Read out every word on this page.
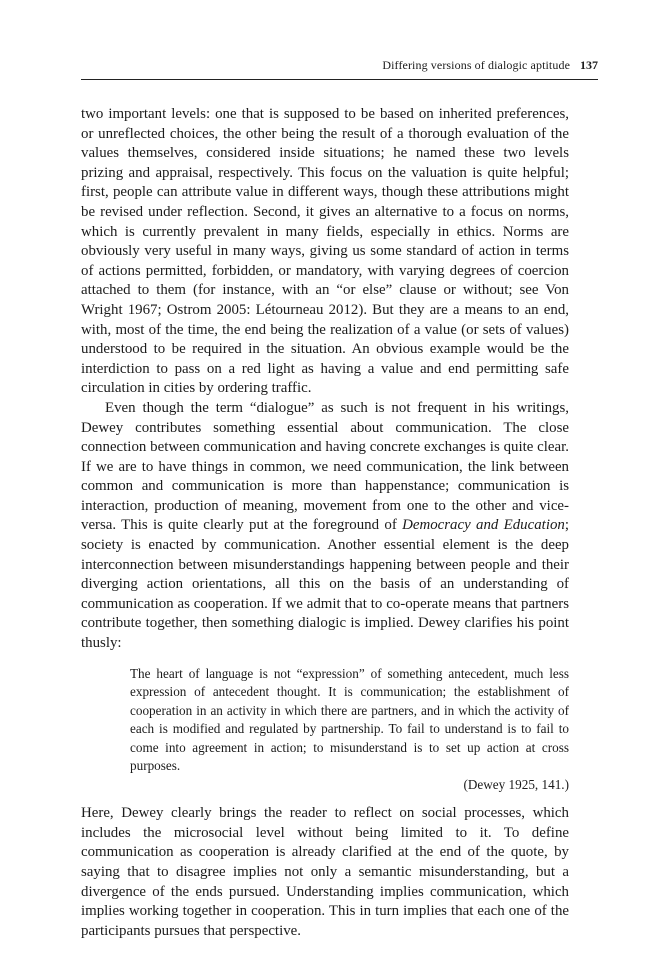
Differing versions of dialogic aptitude 137

two important levels: one that is supposed to be based on inherited preferences, or unreflected choices, the other being the result of a thorough evaluation of the values themselves, considered inside situations; he named these two levels prizing and appraisal, respectively. This focus on the valuation is quite helpful; first, people can attribute value in different ways, though these attributions might be revised under reflection. Second, it gives an alternative to a focus on norms, which is currently prevalent in many fields, especially in ethics. Norms are obviously very useful in many ways, giving us some standard of action in terms of actions permitted, forbidden, or mandatory, with varying degrees of coercion attached to them (for instance, with an “or else” clause or without; see Von Wright 1967; Ostrom 2005: Létourneau 2012). But they are a means to an end, with, most of the time, the end being the realization of a value (or sets of values) understood to be required in the situation. An obvious example would be the interdiction to pass on a red light as having a value and end permitting safe circulation in cities by ordering traffic.

Even though the term “dialogue” as such is not frequent in his writings, Dewey contributes something essential about communication. The close connection between communication and having concrete exchanges is quite clear. If we are to have things in common, we need communication, the link between common and communication is more than happenstance; communication is interaction, production of meaning, movement from one to the other and vice-versa. This is quite clearly put at the foreground of Democracy and Education; society is enacted by communication. Another essential element is the deep interconnection between misunderstandings happening between people and their diverging action orientations, all this on the basis of an understanding of communication as cooperation. If we admit that to co-operate means that partners contribute together, then something dialogic is implied. Dewey clarifies his point thusly:

The heart of language is not “expression” of something antecedent, much less expression of antecedent thought. It is communication; the establishment of cooperation in an activity in which there are partners, and in which the activity of each is modified and regulated by partnership. To fail to understand is to fail to come into agreement in action; to misunderstand is to set up action at cross purposes.
(Dewey 1925, 141.)

Here, Dewey clearly brings the reader to reflect on social processes, which includes the microsocial level without being limited to it. To define communication as cooperation is already clarified at the end of the quote, by saying that to disagree implies not only a semantic misunderstanding, but a divergence of the ends pursued. Understanding implies communication, which implies working together in cooperation. This in turn implies that each one of the participants pursues that perspective.
